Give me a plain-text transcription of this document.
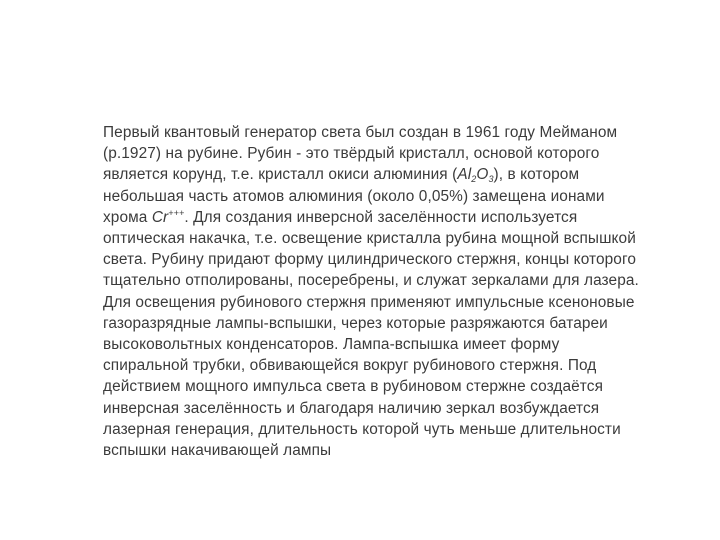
Первый квантовый генератор света был создан в 1961 году Мейманом
(р.1927) на рубине. Рубин - это твёрдый кристалл, основой которого
является корунд, т.е. кристалл окиси алюминия $(Al_2O_3)$, в котором
небольшая часть атомов алюминия (около 0,05%) замещена ионами
хрома Cr+++. Для создания инверсной заселённости используется
оптическая накачка, т.е. освещение кристалла рубина мощной вспышкой
света. Рубину придают форму цилиндрического стержня, концы которого
тщательно отполированы, посеребрены, и служат зеркалами для лазера.
Для освещения рубинового стержня применяют импульсные ксеноновые
газоразрядные лампы-вспышки, через которые разряжаются батареи
высоковольтных конденсаторов. Лампа-вспышка имеет форму
спиральной трубки, обвивающейся вокруг рубинового стержня. Под
действием мощного импульса света в рубиновом стержне создаётся
инверсная заселённость и благодаря наличию зеркал возбуждается
лазерная генерация, длительность которой чуть меньше длительности
вспышки накачивающей лампы
